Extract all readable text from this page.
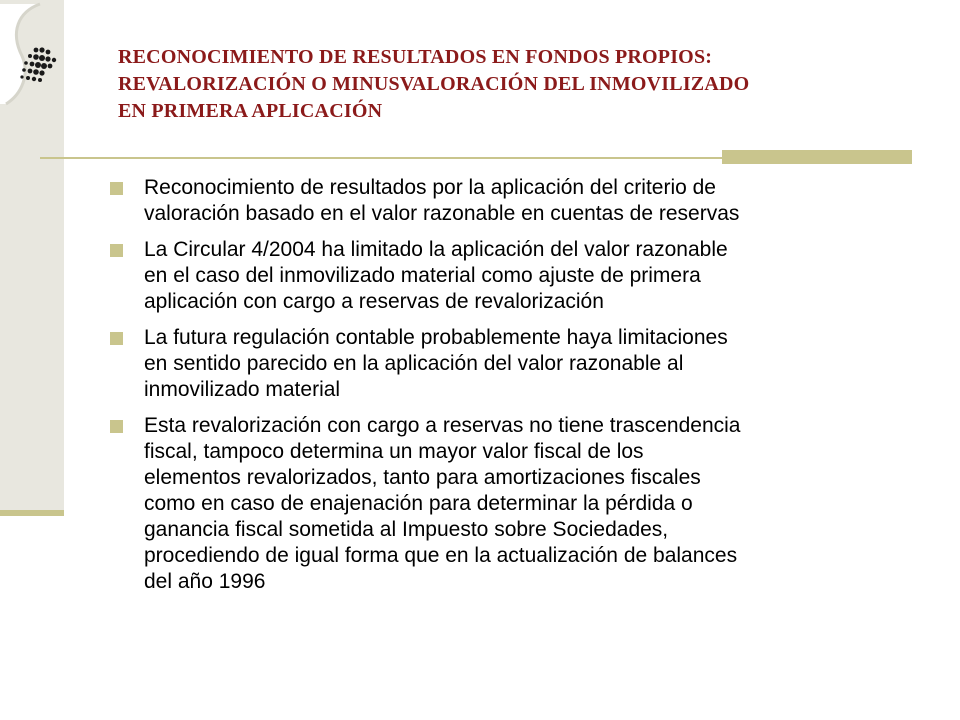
RECONOCIMIENTO DE RESULTADOS EN FONDOS PROPIOS:
REVALORIZACIÓN O MINUSVALORACIÓN DEL INMOVILIZADO
EN PRIMERA APLICACIÓN
Reconocimiento de resultados por la aplicación del criterio de
valoración basado en el valor razonable en cuentas de reservas
La Circular 4/2004 ha limitado la aplicación del valor razonable
en el caso del inmovilizado material como ajuste de primera
aplicación con cargo a reservas de revalorización
La futura regulación contable probablemente haya limitaciones
en sentido parecido en la aplicación del valor razonable al
inmovilizado material
Esta revalorización con cargo a reservas no tiene trascendencia
fiscal, tampoco determina un mayor valor fiscal de los
elementos revalorizados, tanto para amortizaciones fiscales
como en caso de enajenación para determinar la pérdida o
ganancia fiscal sometida al Impuesto sobre Sociedades,
procediendo de igual forma que en la actualización de balances
del año 1996
